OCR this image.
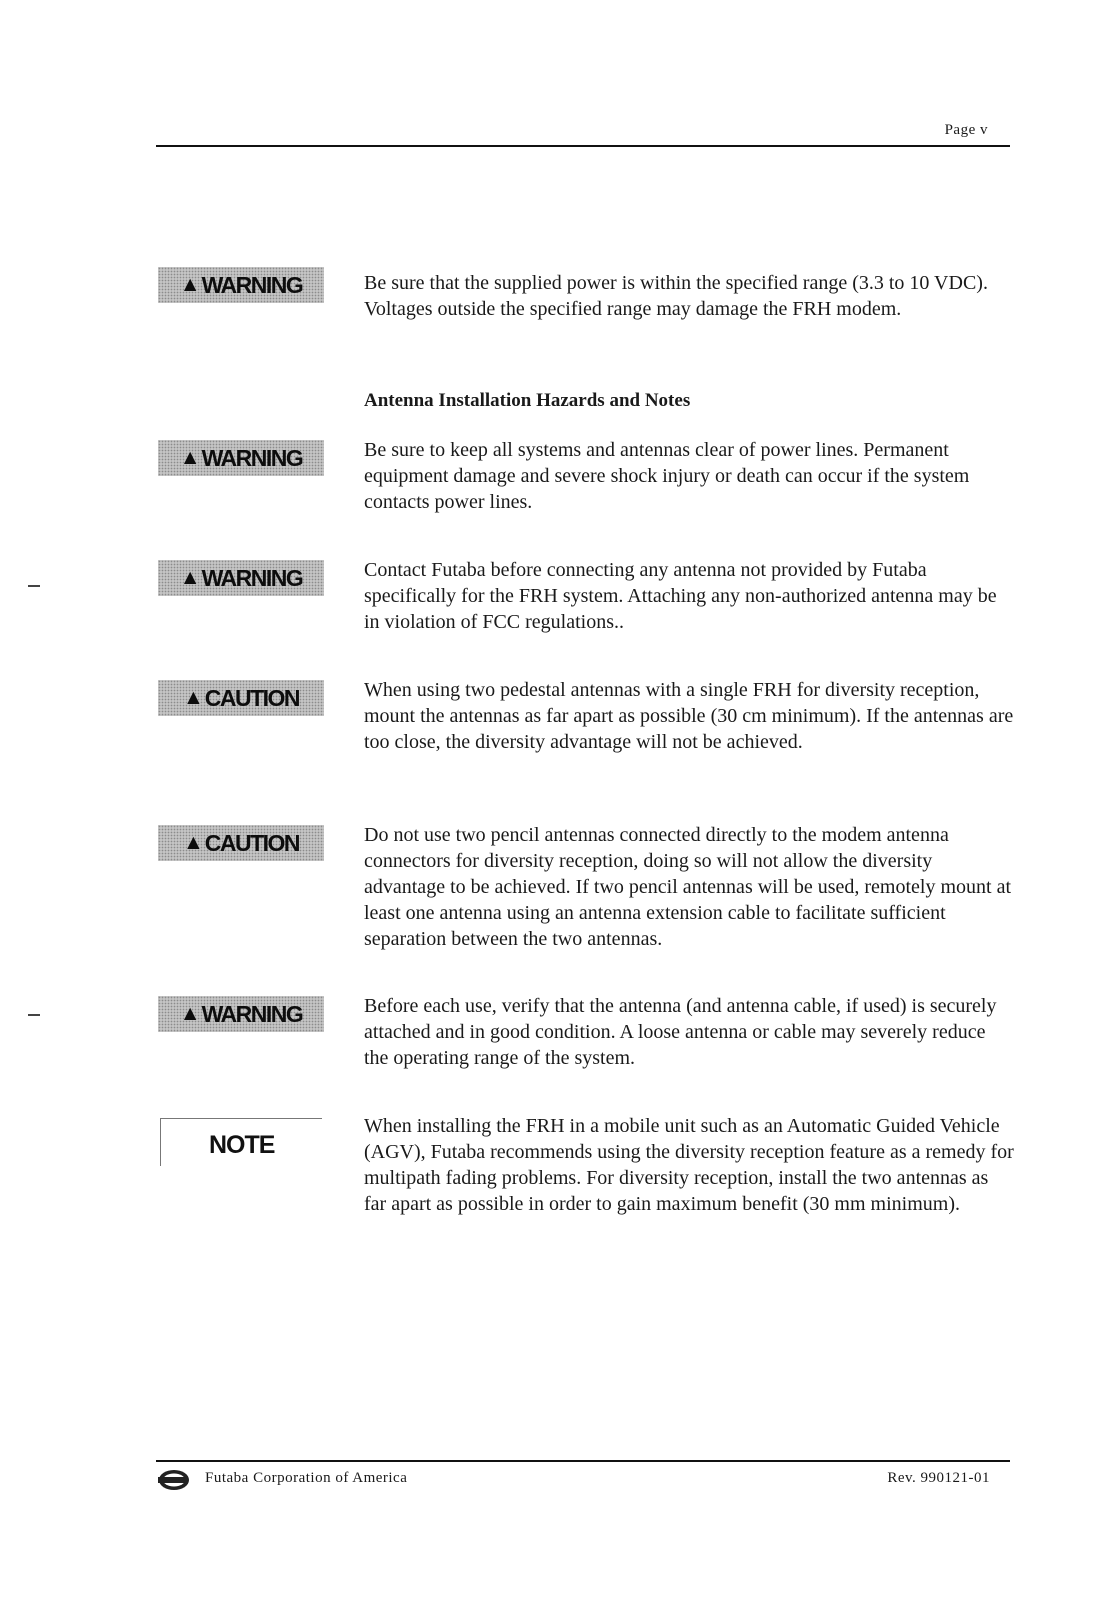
Page v
▲ WARNING	Be sure that the supplied power is within the specified range (3.3 to 10 VDC). Voltages outside the specified range may damage the FRH modem.
Antenna Installation Hazards and Notes
▲ WARNING	Be sure to keep all systems and antennas clear of power lines. Permanent equipment damage and severe shock injury or death can occur if the system contacts power lines.
▲ WARNING	Contact Futaba before connecting any antenna not provided by Futaba specifically for the FRH system. Attaching any non-authorized antenna may be in violation of FCC regulations..
▲ CAUTION	When using two pedestal antennas with a single FRH for diversity reception, mount the antennas as far apart as possible (30 cm minimum). If the antennas are too close, the diversity advantage will not be achieved.
▲ CAUTION	Do not use two pencil antennas connected directly to the modem antenna connectors for diversity reception, doing so will not allow the diversity advantage to be achieved. If two pencil antennas will be used, remotely mount at least one antenna using an antenna extension cable to facilitate sufficient separation between the two antennas.
▲ WARNING	Before each use, verify that the antenna (and antenna cable, if used) is securely attached and in good condition. A loose antenna or cable may severely reduce the operating range of the system.
NOTE
When installing the FRH in a mobile unit such as an Automatic Guided Vehicle (AGV), Futaba recommends using the diversity reception feature as a remedy for multipath fading problems. For diversity reception, install the two antennas as far apart as possible in order to gain maximum benefit (30 mm minimum).
Futaba Corporation of America	Rev. 990121-01
